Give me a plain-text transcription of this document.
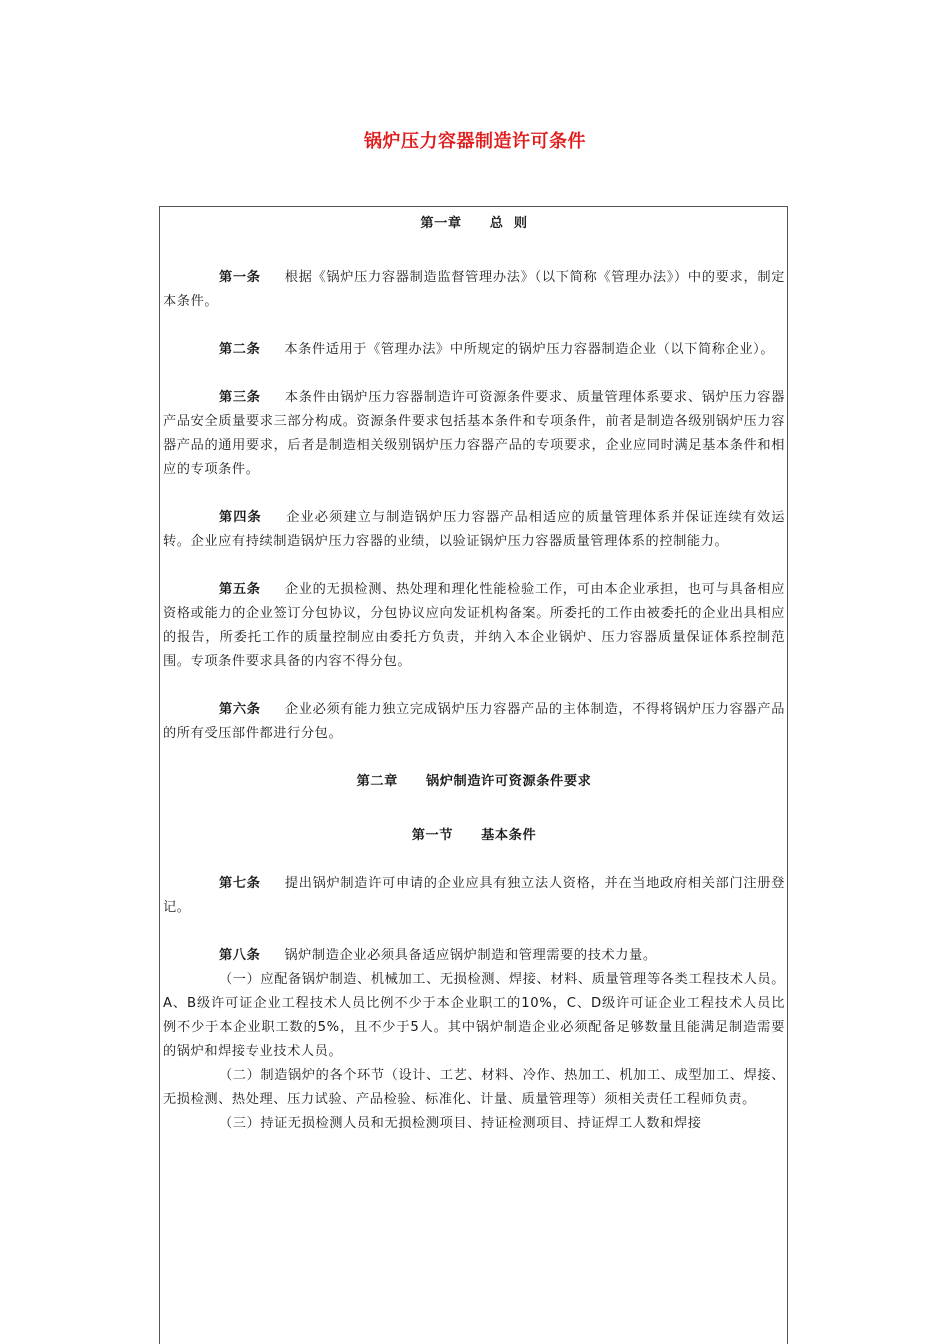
锅炉压力容器制造许可条件
第一章 总  则

第一条 根据《锅炉压力容器制造监督管理办法》（以下简称《管理办法》）中的要求，制定本条件。

第二条 本条件适用于《管理办法》中所规定的锅炉压力容器制造企业（以下简称企业）。

第三条 本条件由锅炉压力容器制造许可资源条件要求、质量管理体系要求、锅炉压力容器产品安全质量要求三部分构成。资源条件要求包括基本条件和专项条件，前者是制造各级别锅炉压力容器产品的通用要求，后者是制造相关级别锅炉压力容器产品的专项要求，企业应同时满足基本条件和相应的专项条件。

第四条 企业必须建立与制造锅炉压力容器产品相适应的质量管理体系并保证连续有效运转。企业应有持续制造锅炉压力容器的业绩，以验证锅炉压力容器质量管理体系的控制能力。

第五条 企业的无损检测、热处理和理化性能检验工作，可由本企业承担，也可与具备相应资格或能力的企业签订分包协议，分包协议应向发证机构备案。所委托的工作由被委托的企业出具相应的报告，所委托工作的质量控制应由委托方负责，并纳入本企业锅炉、压力容器质量保证体系控制范围。专项条件要求具备的内容不得分包。

第六条 企业必须有能力独立完成锅炉压力容器产品的主体制造，不得将锅炉压力容器产品的所有受压部件都进行分包。

第二章 锅炉制造许可资源条件要求
第一节 基本条件

第七条 提出锅炉制造许可申请的企业应具有独立法人资格，并在当地政府相关部门注册登记。

第八条 锅炉制造企业必须具备适应锅炉制造和管理需要的技术力量。

（一）应配备锅炉制造、机械加工、无损检测、焊接、材料、质量管理等各类工程技术人员。A、B级许可证企业工程技术人员比例不少于本企业职工的10%，C、D级许可证企业工程技术人员比例不少于本企业职工数的5%，且不少于5人。其中锅炉制造企业必须配备足够数量且能满足制造需要的锅炉和焊接专业技术人员。

（二）制造锅炉的各个环节（设计、工艺、材料、冷作、热加工、机加工、成型加工、焊接、无损检测、热处理、压力试验、产品检验、标准化、计量、质量管理等）须相关责任工程师负责。

（三）持证无损检测人员和无损检测项目、持证检测项目、持证焊工人数和焊接
